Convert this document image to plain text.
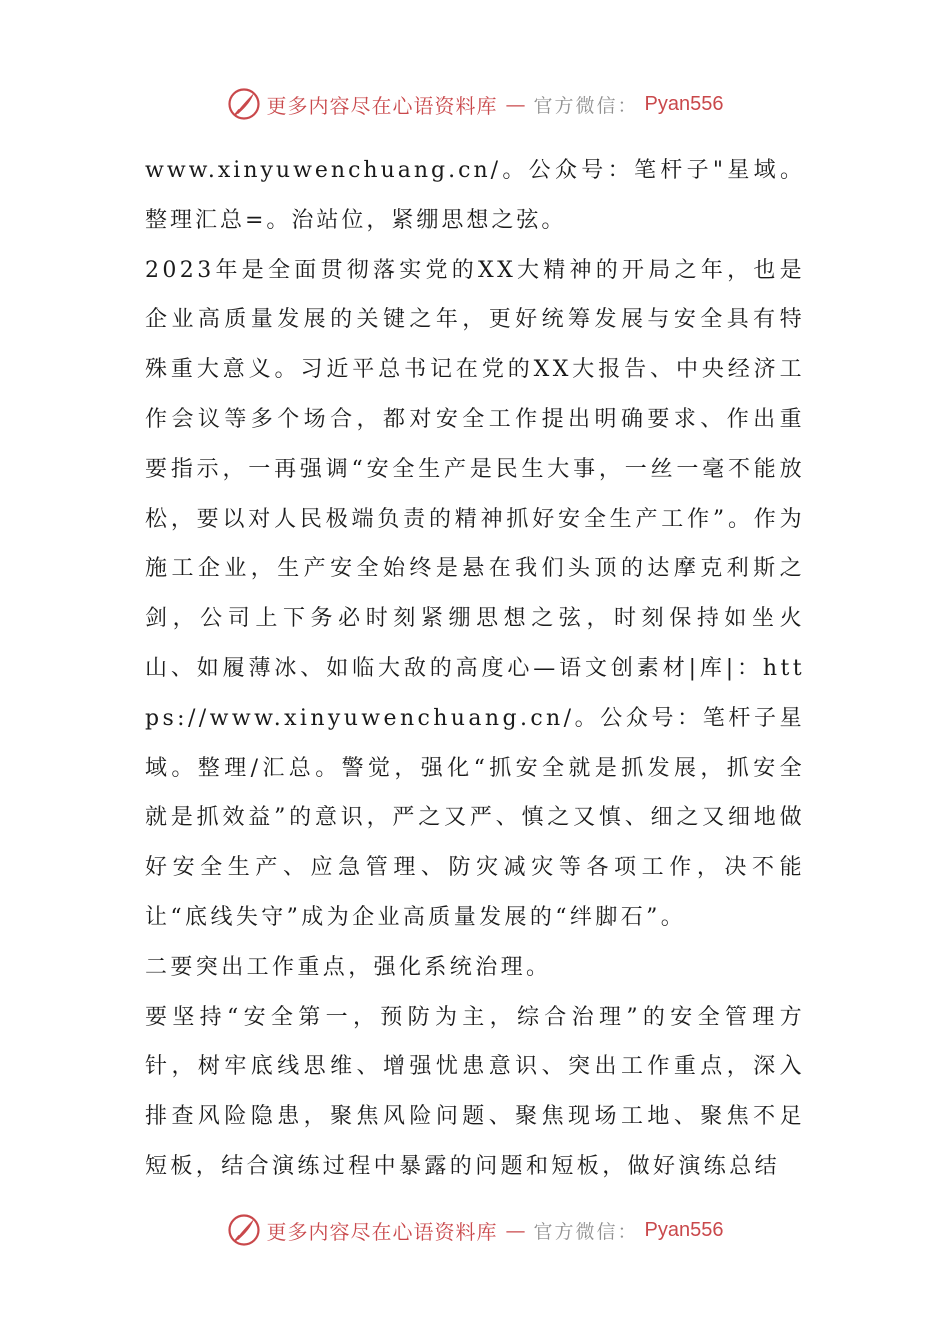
更多内容尽在心语资料库 — 官方微信： Pyan556

www.xinyuwenchuang.cn/。公众号：笔杆子"星域。整理汇总=。治站位，紧绷思想之弦。

2023年是全面贯彻落实党的XX大精神的开局之年，也是企业高质量发展的关键之年，更好统筹发展与安全具有特殊重大意义。习近平总书记在党的XX大报告、中央经济工作会议等多个场合，都对安全工作提出明确要求、作出重要指示，一再强调“安全生产是民生大事，一丝一毫不能放松，要以对人民极端负责的精神抓好安全生产工作”。作为施工企业，生产安全始终是悬在我们头顶的达摩克利斯之剑，公司上下务必时刻紧绷思想之弦，时刻保持如坐火山、如履薄冰、如临大敌的高度心—语文创素材|库|：https://www.xinyuwenchuang.cn/。公众号：笔杆子星域。整理/汇总。警觉，强化“抓安全就是抓发展，抓安全就是抓效益”的意识，严之又严、慎之又慎、细之又细地做好安全生产、应急管理、防灾减灾等各项工作，决不能让“底线失守”成为企业高质量发展的“绊脚石”。

二要突出工作重点，强化系统治理。

要坚持“安全第一，预防为主，综合治理”的安全管理方针，树牢底线思维、增强忧患意识、突出工作重点，深入排查风险隐患，聚焦风险问题、聚焦现场工地、聚焦不足短板，结合演练过程中暴露的问题和短板，做好演练总结

更多内容尽在心语资料库 — 官方微信： Pyan556
